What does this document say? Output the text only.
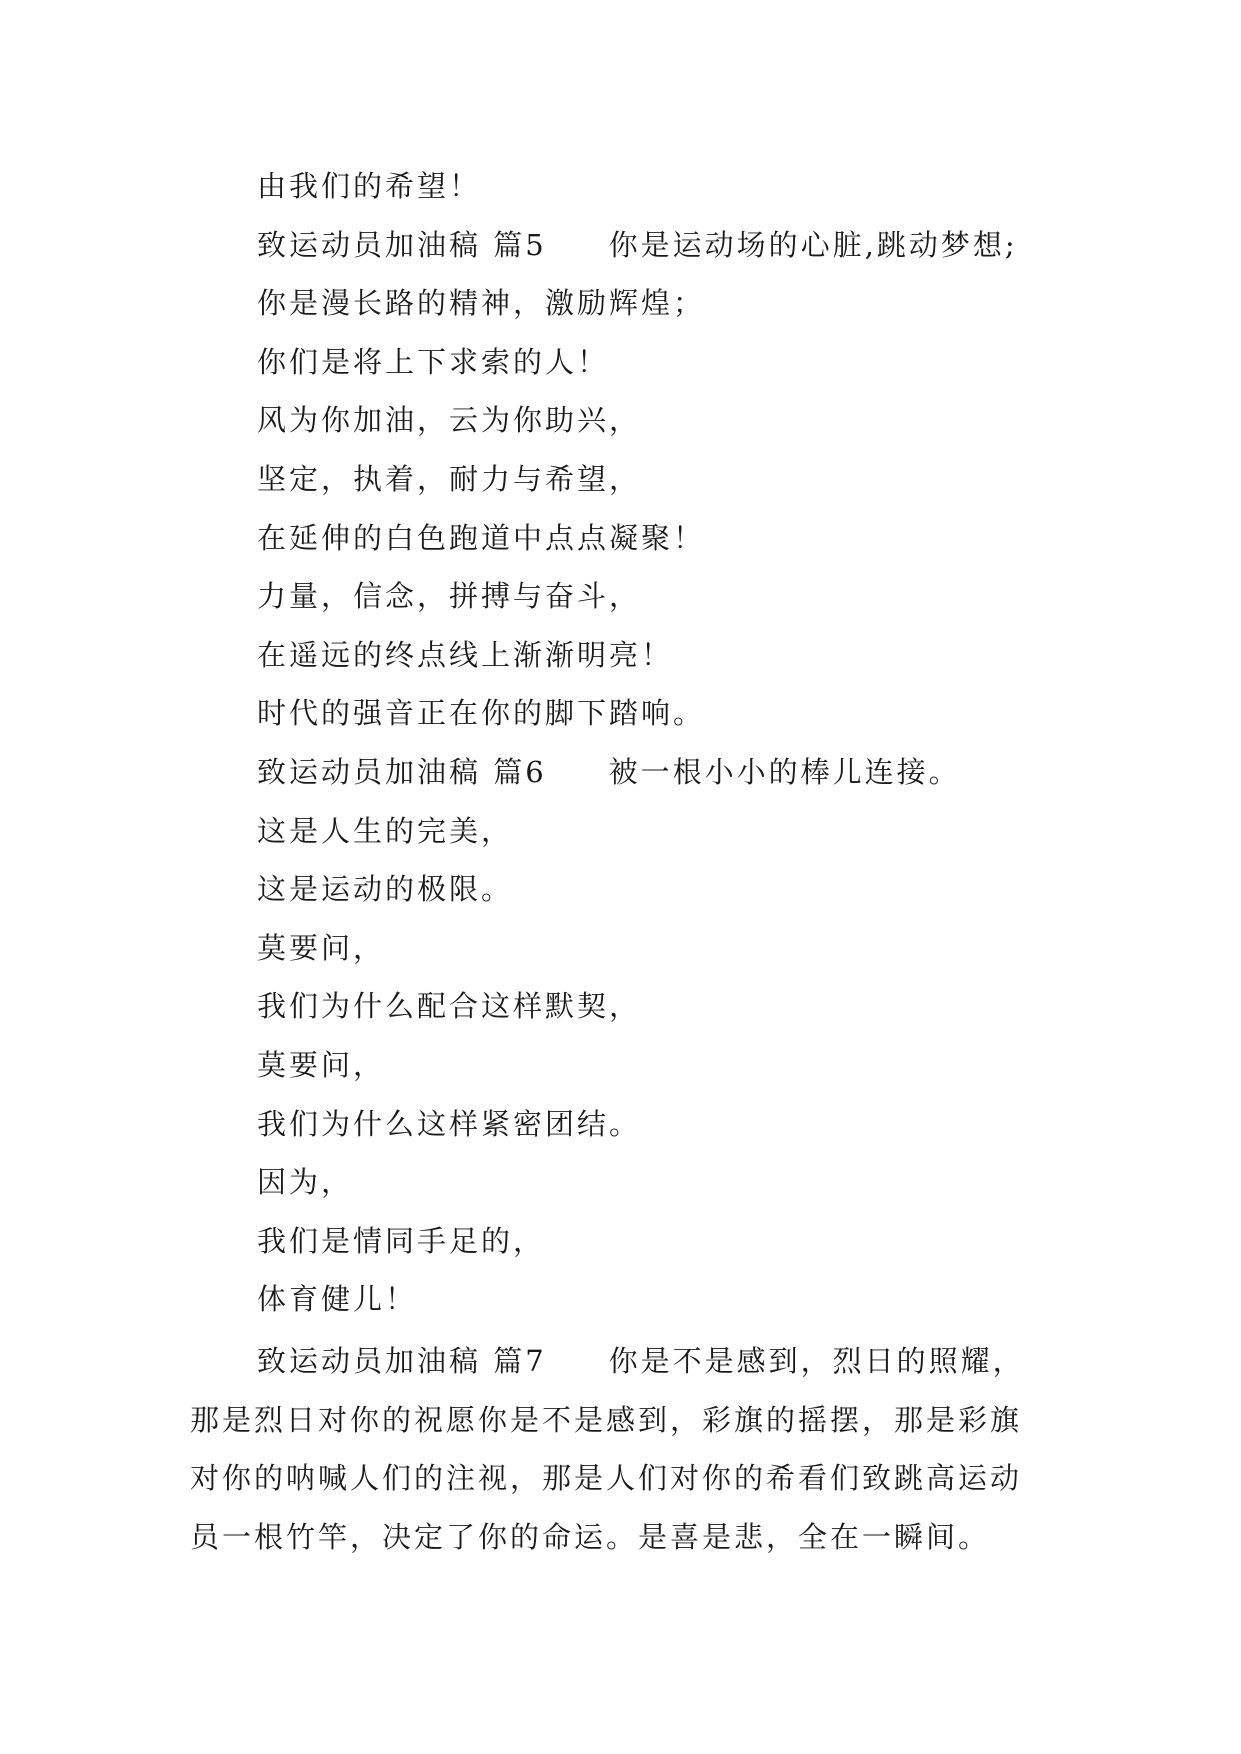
由我们的希望！
致运动员加油稿 篇5 你是运动场的心脏,跳动梦想;
你是漫长路的精神，激励辉煌；
你们是将上下求索的人！
风为你加油，云为你助兴，
坚定，执着，耐力与希望，
在延伸的白色跑道中点点凝聚！
力量，信念，拼搏与奋斗，
在遥远的终点线上渐渐明亮！
时代的强音正在你的脚下踏响。
致运动员加油稿 篇6 被一根小小的棒儿连接。
这是人生的完美，
这是运动的极限。
莫要问，
我们为什么配合这样默契，
莫要问，
我们为什么这样紧密团结。
因为，
我们是情同手足的，
体育健儿！
致运动员加油稿 篇7 你是不是感到，烈日的照耀，
那是烈日对你的祝愿你是不是感到，彩旗的摇摆，那是彩旗
对你的呐喊人们的注视，那是人们对你的希看们致跳高运动
员一根竹竿，决定了你的命运。是喜是悲，全在一瞬间。
